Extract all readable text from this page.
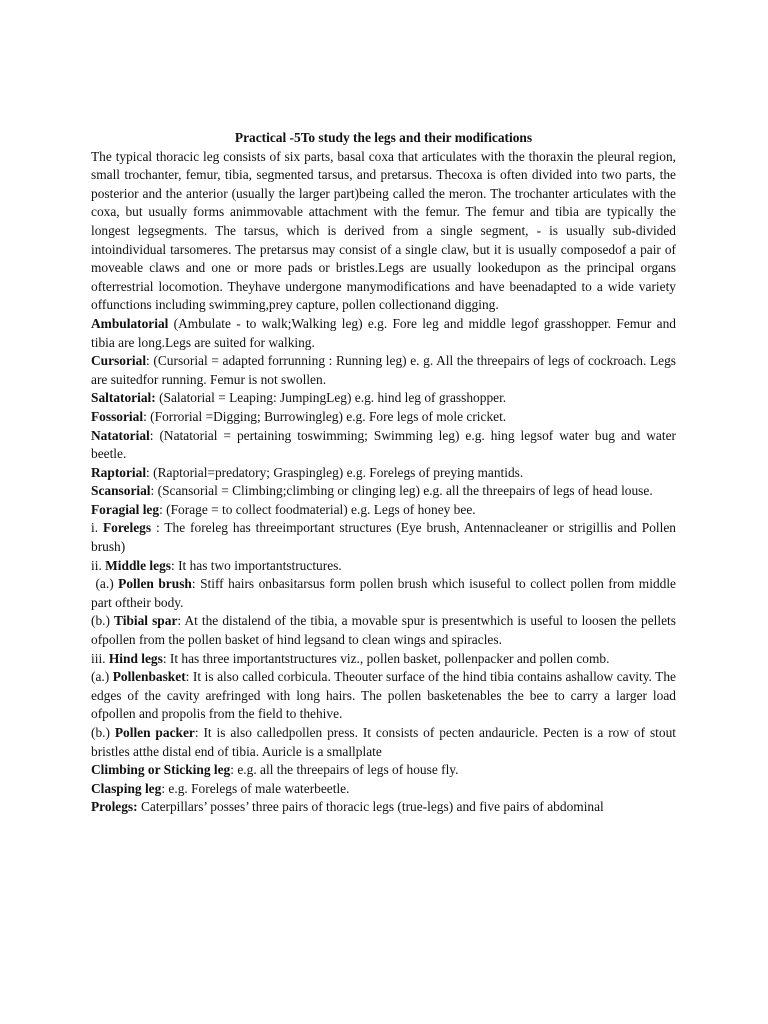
Practical -5To study the legs and their modifications

The typical thoracic leg consists of six parts, basal coxa that articulates with the thoraxin the pleural region, small trochanter, femur, tibia, segmented tarsus, and pretarsus. Thecoxa is often divided into two parts, the posterior and the anterior (usually the larger part)being called the meron. The trochanter articulates with the coxa, but usually forms animmovable attachment with the femur. The femur and tibia are typically the longest legsegments. The tarsus, which is derived from a single segment, - is usually sub-divided intoindividual tarsomeres. The pretarsus may consist of a single claw, but it is usually composedof a pair of moveable claws and one or more pads or bristles.Legs are usually lookedupon as the principal organs ofterrestrial locomotion. Theyhave undergone manymodifications and have beenadapted to a wide variety offunctions including swimming,prey capture, pollen collectionand digging.

Ambulatorial (Ambulate - to walk;Walking leg) e.g. Fore leg and middle legof grasshopper. Femur and tibia are long.Legs are suited for walking.

Cursorial: (Cursorial = adapted forrunning : Running leg) e. g. All the threepairs of legs of cockroach. Legs are suitedfor running. Femur is not swollen.

Saltatorial: (Salatorial = Leaping: JumpingLeg) e.g. hind leg of grasshopper.

Fossorial: (Forrorial =Digging; Burrowingleg) e.g. Fore legs of mole cricket.

Natatorial: (Natatorial = pertaining toswimming; Swimming leg) e.g. hing legsof water bug and water beetle.

Raptorial: (Raptorial=predatory; Graspingleg) e.g. Forelegs of preying mantids.

Scansorial: (Scansorial = Climbing;climbing or clinging leg) e.g. all the threepairs of legs of head louse.

Foragial leg: (Forage = to collect foodmaterial) e.g. Legs of honey bee.

i. Forelegs : The foreleg has threeimportant structures (Eye brush, Antennacleaner or strigillis and Pollen brush)

ii. Middle legs: It has two importantstructures.

(a.) Pollen brush: Stiff hairs onbasitarsus form pollen brush which isuseful to collect pollen from middle part oftheir body.

(b.) Tibial spar: At the distalend of the tibia, a movable spur is presentwhich is useful to loosen the pellets ofpollen from the pollen basket of hind legsand to clean wings and spiracles.

iii. Hind legs: It has three importantstructures viz., pollen basket, pollenpacker and pollen comb.

(a.) Pollenbasket: It is also called corbicula. Theouter surface of the hind tibia contains ashallow cavity. The edges of the cavity arefringed with long hairs. The pollen basketenables the bee to carry a larger load ofpollen and propolis from the field to thehive.

(b.) Pollen packer: It is also calledpollen press. It consists of pecten andauricle. Pecten is a row of stout bristles atthe distal end of tibia. Auricle is a smallplate

Climbing or Sticking leg: e.g. all the threepairs of legs of house fly.

Clasping leg: e.g. Forelegs of male waterbeetle.

Prolegs: Caterpillars’ posses’ three pairs of thoracic legs (true-legs) and five pairs of abdominal
